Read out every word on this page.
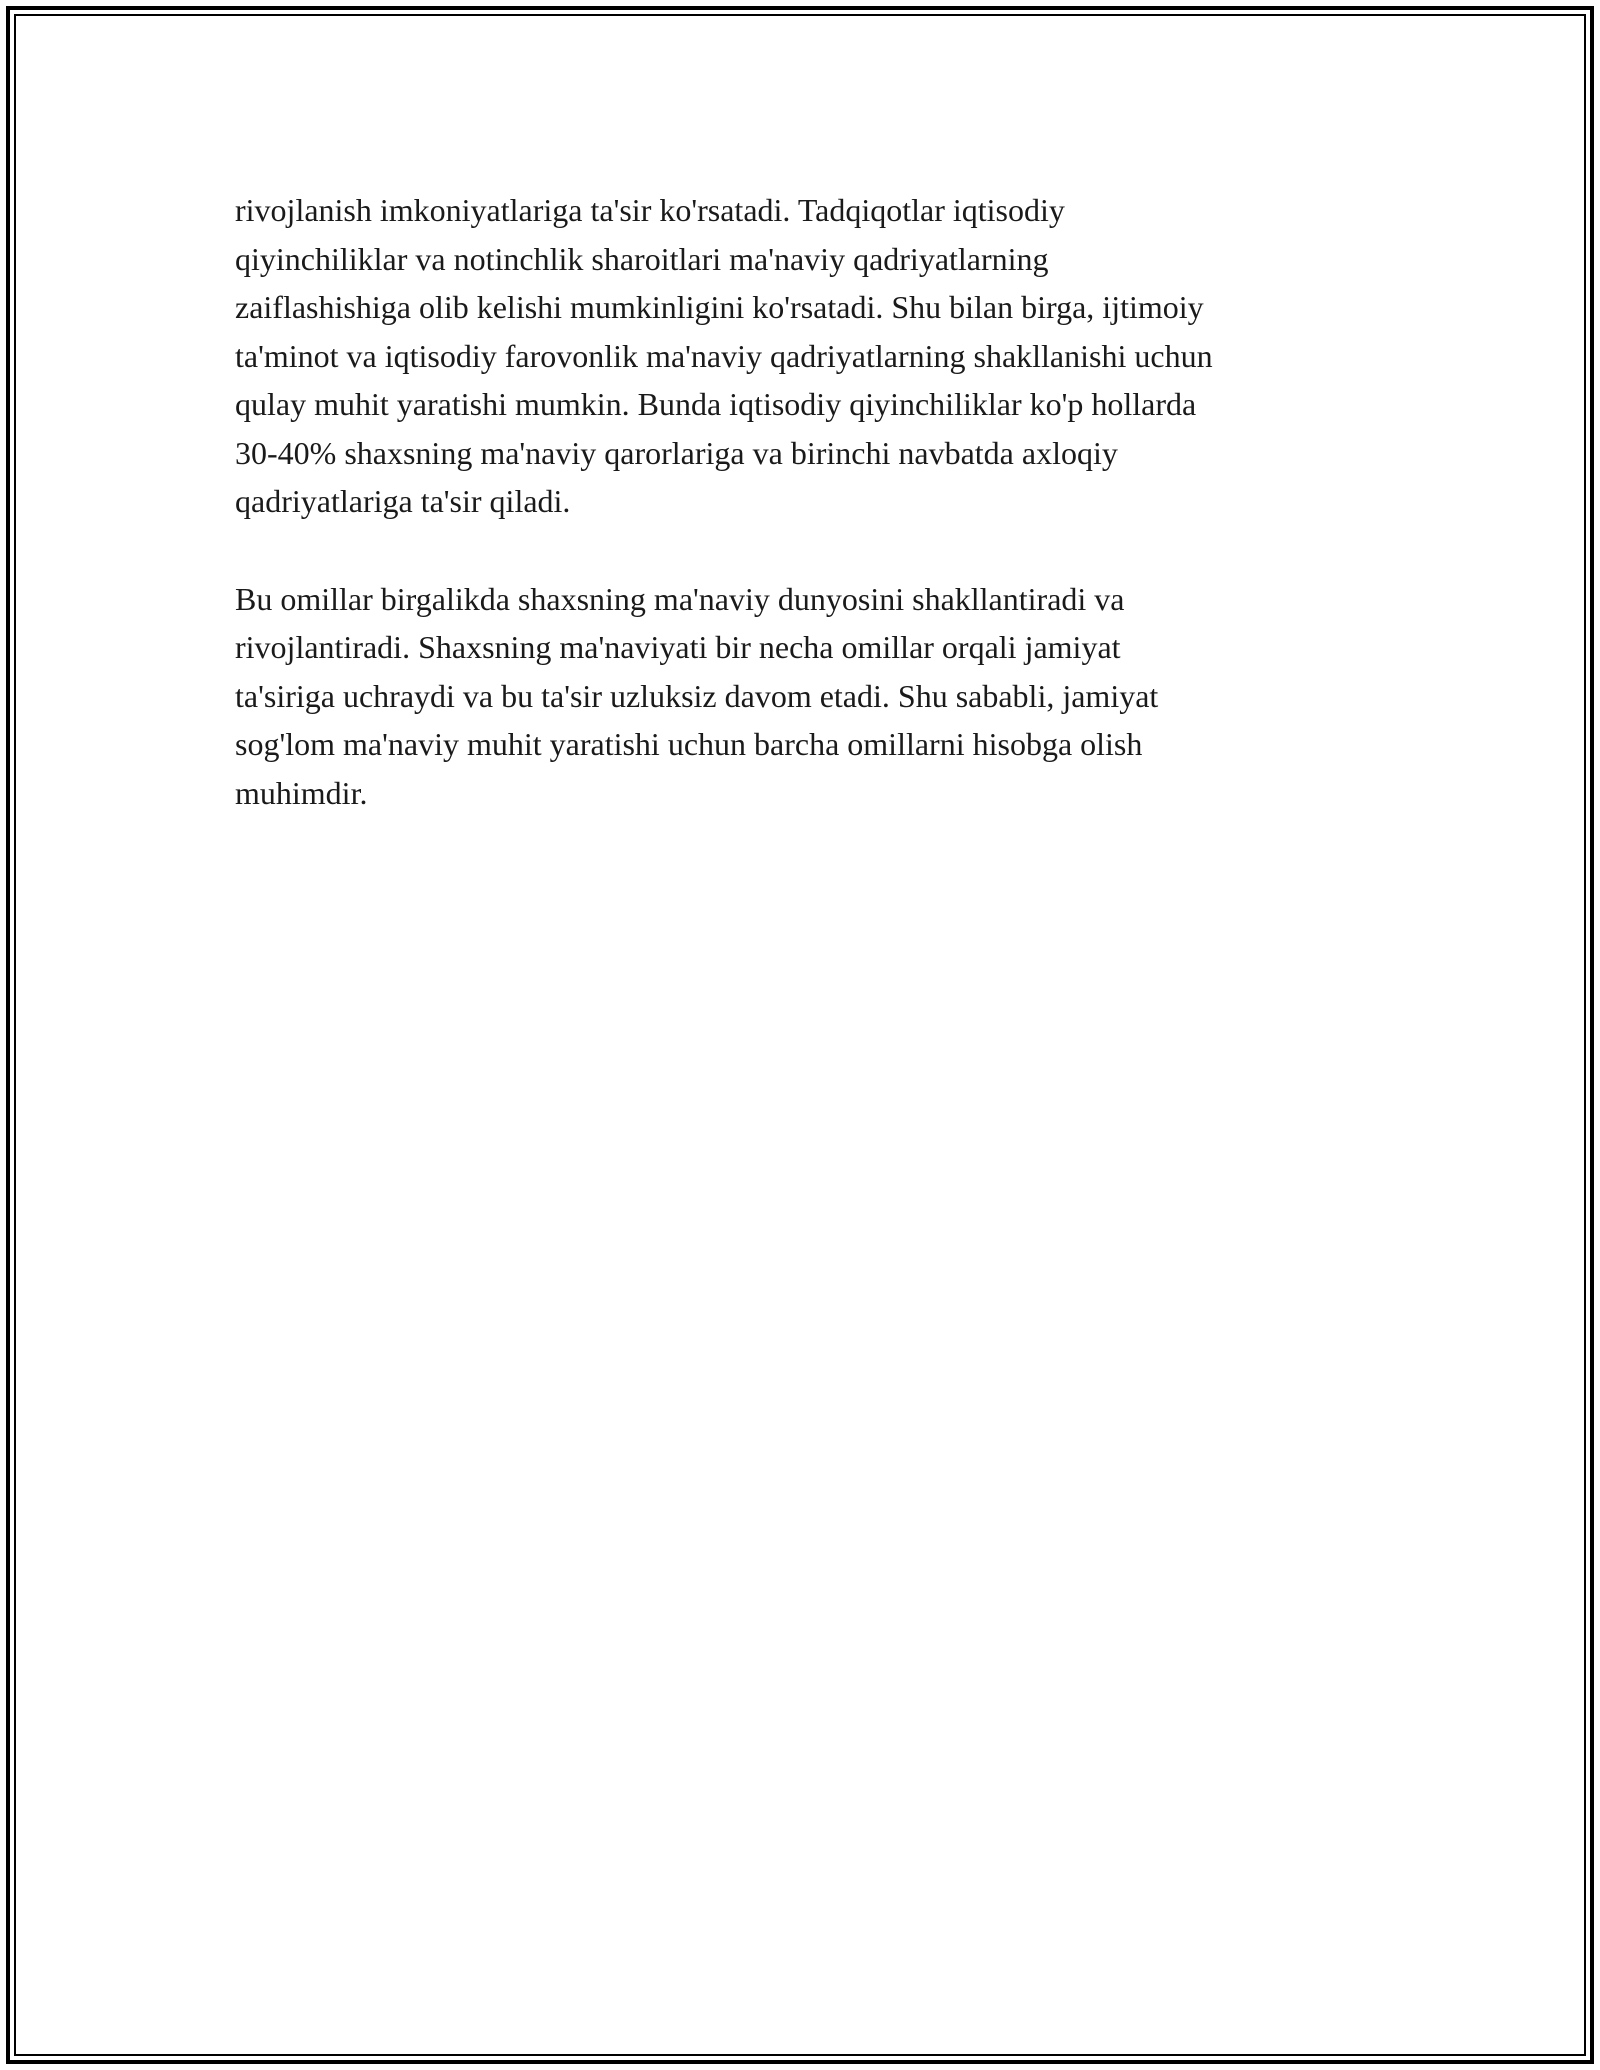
rivojlanish imkoniyatlariga ta'sir ko'rsatadi. Tadqiqotlar iqtisodiy
qiyinchiliklar va notinchlik sharoitlari ma'naviy qadriyatlarning
zaiflashishiga olib kelishi mumkinligini ko'rsatadi. Shu bilan birga, ijtimoiy
ta'minot va iqtisodiy farovonlik ma'naviy qadriyatlarning shakllanishi uchun
qulay muhit yaratishi mumkin. Bunda iqtisodiy qiyinchiliklar ko'p hollarda
30-40% shaxsning ma'naviy qarorlariga va birinchi navbatda axloqiy
qadriyatlariga ta'sir qiladi.

Bu omillar birgalikda shaxsning ma'naviy dunyosini shakllantiradi va
rivojlantiradi. Shaxsning ma'naviyati bir necha omillar orqali jamiyat
ta'siriga uchraydi va bu ta'sir uzluksiz davom etadi. Shu sababli, jamiyat
sog'lom ma'naviy muhit yaratishi uchun barcha omillarni hisobga olish
muhimdir.
